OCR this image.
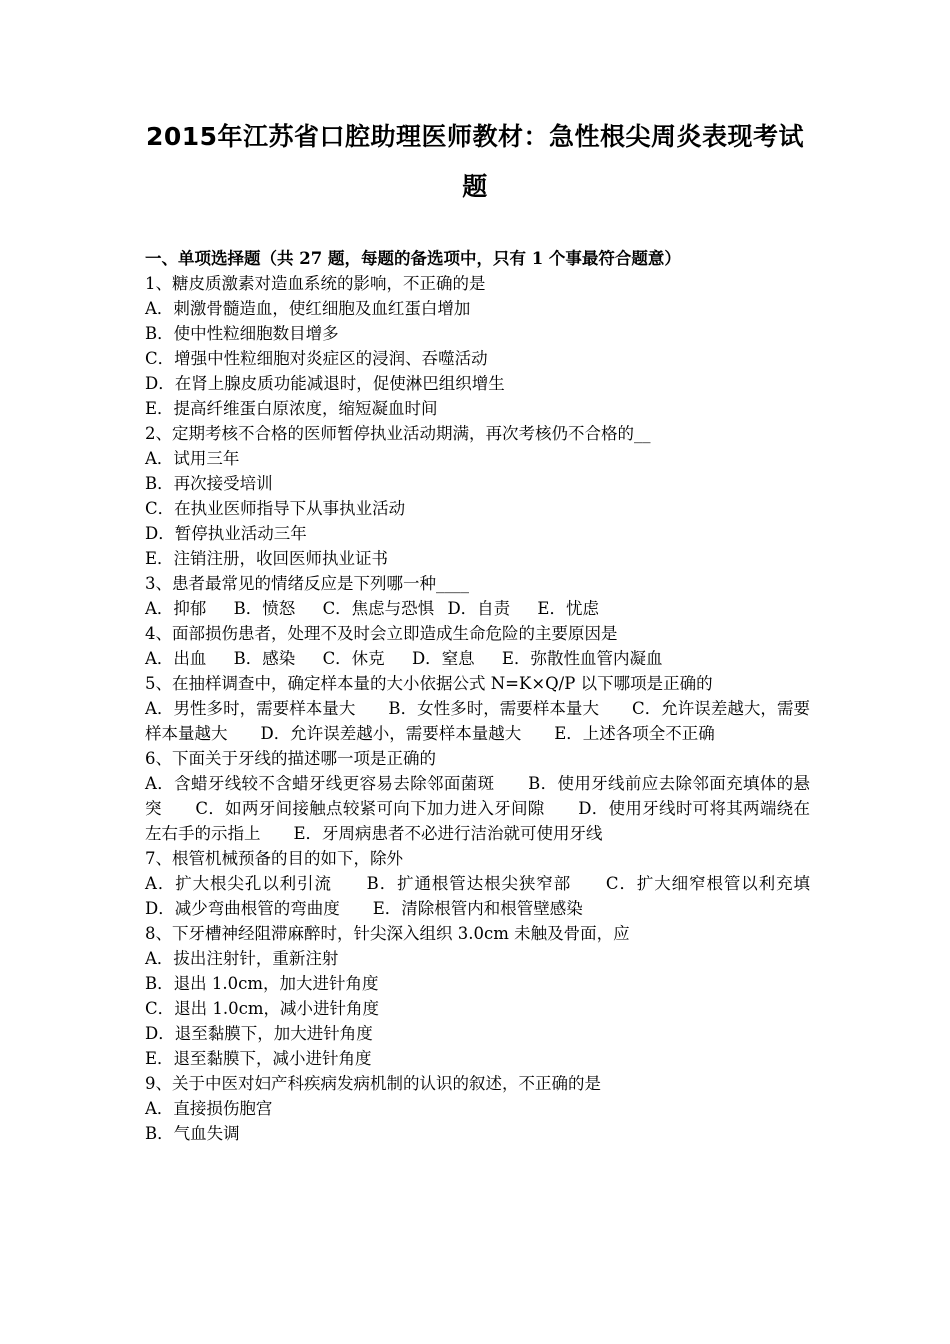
2015年江苏省口腔助理医师教材：急性根尖周炎表现考试
题
一、单项选择题（共 27 题，每题的备选项中，只有 1 个事最符合题意）
1、糖皮质激素对造血系统的影响，不正确的是
A．刺激骨髓造血，使红细胞及血红蛋白增加
B．使中性粒细胞数目增多
C．增强中性粒细胞对炎症区的浸润、吞噬活动
D．在肾上腺皮质功能减退时，促使淋巴组织增生
E．提高纤维蛋白原浓度，缩短凝血时间
2、定期考核不合格的医师暂停执业活动期满，再次考核仍不合格的__
A．试用三年
B．再次接受培训
C．在执业医师指导下从事执业活动
D．暂停执业活动三年
E．注销注册，收回医师执业证书
3、患者最常见的情绪反应是下列哪一种____
A．抑郁 B．愤怒 C．焦虑与恐惧 D．自责 E．忧虑
4、面部损伤患者，处理不及时会立即造成生命危险的主要原因是
A．出血 B．感染 C．休克 D．窒息 E．弥散性血管内凝血
5、在抽样调查中，确定样本量的大小依据公式 N=K×Q/P 以下哪项是正确的
A．男性多时，需要样本量大　　B．女性多时，需要样本量大　　C．允许误差越大，需要样本量越大　　D．允许误差越小，需要样本量越大　　E．上述各项全不正确
6、下面关于牙线的描述哪一项是正确的
A．含蜡牙线较不含蜡牙线更容易去除邻面菌斑　　B．使用牙线前应去除邻面充填体的悬突　　C．如两牙间接触点较紧可向下加力进入牙间隙　　D．使用牙线时可将其两端绕在左右手的示指上　　E．牙周病患者不必进行洁治就可使用牙线
7、根管机械预备的目的如下，除外
A．扩大根尖孔以利引流　　B．扩通根管达根尖狭窄部　　C．扩大细窄根管以利充填　　D．减少弯曲根管的弯曲度　　E．清除根管内和根管壁感染
8、下牙槽神经阻滞麻醉时，针尖深入组织 3.0cm 未触及骨面，应
A．拔出注射针，重新注射
B．退出 1.0cm，加大进针角度
C．退出 1.0cm，减小进针角度
D．退至黏膜下，加大进针角度
E．退至黏膜下，减小进针角度
9、关于中医对妇产科疾病发病机制的认识的叙述，不正确的是
A．直接损伤胞宫
B．气血失调
